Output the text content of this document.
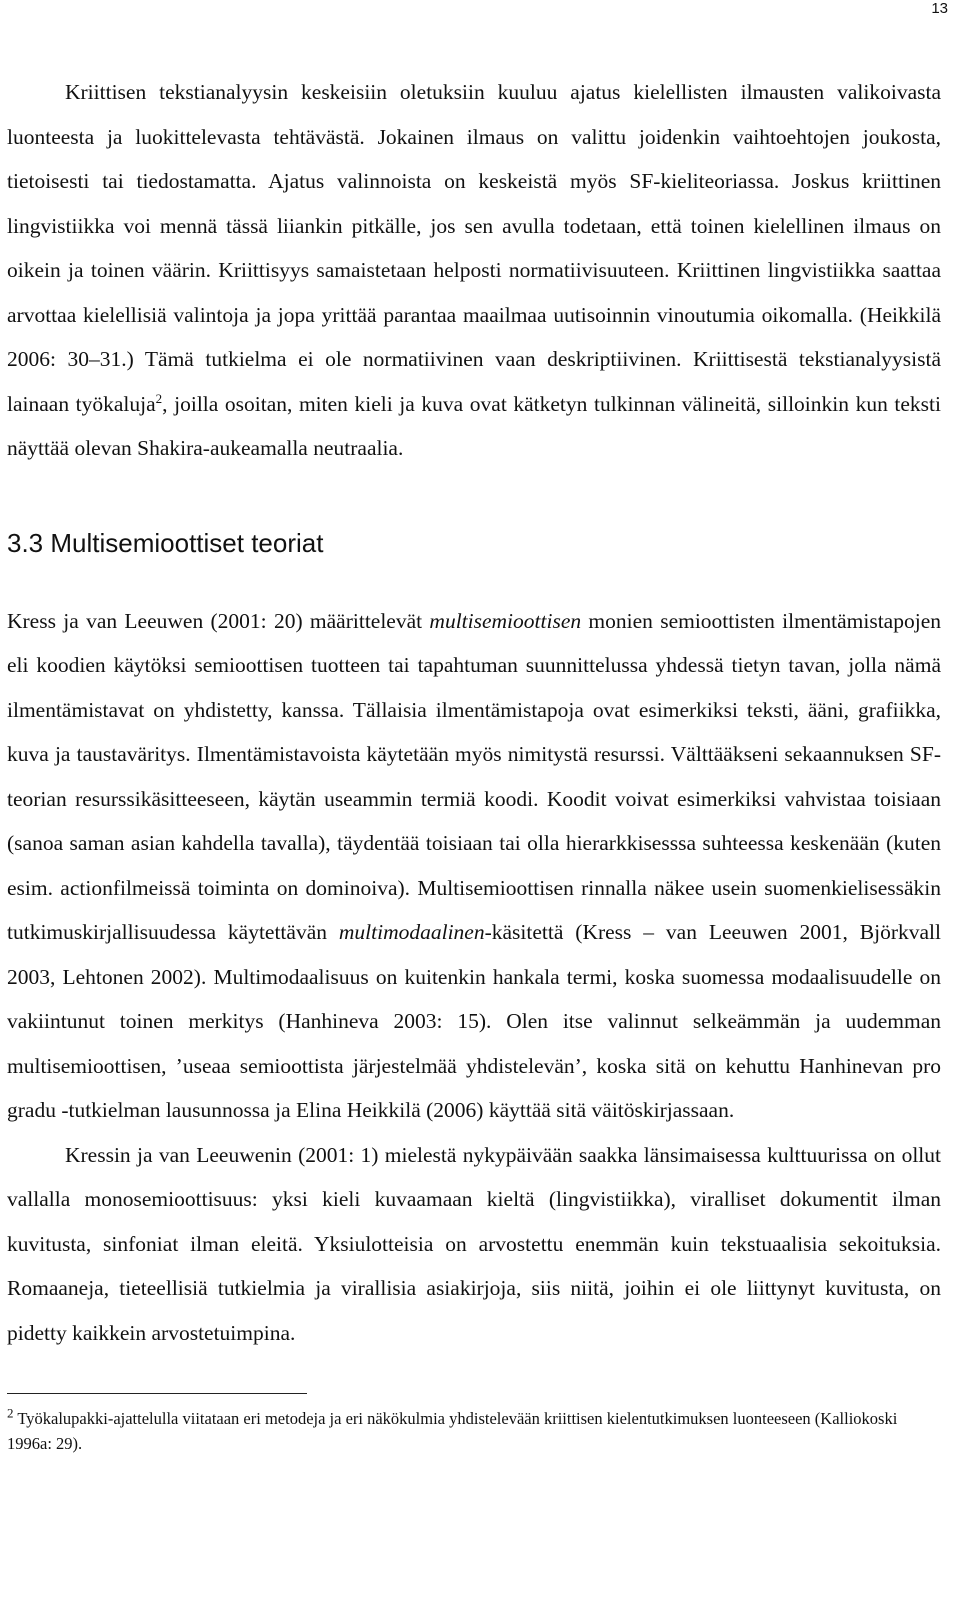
13

Kriittisen tekstianalyysin keskeisiin oletuksiin kuuluu ajatus kielellisten ilmausten valikoivasta luonteesta ja luokittelevasta tehtävästä. Jokainen ilmaus on valittu joidenkin vaihtoehtojen joukosta, tietoisesti tai tiedostamatta. Ajatus valinnoista on keskeistä myös SF-kieliteoriassa. Joskus kriittinen lingvistiikka voi mennä tässä liiankin pitkälle, jos sen avulla todetaan, että toinen kielellinen ilmaus on oikein ja toinen väärin. Kriittisyys samaistetaan helposti normatiivisuuteen. Kriittinen lingvistiikka saattaa arvottaa kielellisiä valintoja ja jopa yrittää parantaa maailmaa uutisoinnin vinoutumia oikomalla. (Heikkilä 2006: 30–31.) Tämä tutkielma ei ole normatiivinen vaan deskriptiivinen. Kriittisestä tekstianalyysistä lainaan työkaluja$^2$, joilla osoitan, miten kieli ja kuva ovat kätketyn tulkinnan välineitä, silloinkin kun teksti näyttää olevan Shakira-aukeamalla neutraalia.

3.3 Multisemioottiset teoriat

Kress ja van Leeuwen (2001: 20) määrittelevät multisemioottisen monien semioottisten ilmentämistapojen eli koodien käytöksi semioottisen tuotteen tai tapahtuman suunnittelussa yhdessä tietyn tavan, jolla nämä ilmentämistavat on yhdistetty, kanssa. Tällaisia ilmentämistapoja ovat esimerkiksi teksti, ääni, grafiikka, kuva ja taustaväritys. Ilmentämistavoista käytetään myös nimitystä resurssi. Välttääkseni sekaannuksen SF-teorian resurssikäsitteeseen, käytän useammin termiä koodi. Koodit voivat esimerkiksi vahvistaa toisiaan (sanoa saman asian kahdella tavalla), täydentää toisiaan tai olla hierarkkisesssa suhteessa keskenään (kuten esim. actionfilmeissä toiminta on dominoiva). Multisemioottisen rinnalla näkee usein suomenkielisessäkin tutkimuskirjallisuudessa käytettävän multimodaalinen-käsitettä (Kress – van Leeuwen 2001, Björkvall 2003, Lehtonen 2002). Multimodaalisuus on kuitenkin hankala termi, koska suomessa modaalisuudelle on vakiintunut toinen merkitys (Hanhineva 2003: 15). Olen itse valinnut selkeämmän ja uudemman multisemioottisen, ’useaa semioottista järjestelmää yhdistelevän’, koska sitä on kehuttu Hanhinevan pro gradu -tutkielman lausunnossa ja Elina Heikkilä (2006) käyttää sitä väitöskirjassaan.

Kressin ja van Leeuwenin (2001: 1) mielestä nykypäivään saakka länsimaisessa kulttuurissa on ollut vallalla monosemioottisuus: yksi kieli kuvaamaan kieltä (lingvistiikka), viralliset dokumentit ilman kuvitusta, sinfoniat ilman eleitä. Yksiulotteisia on arvostettu enemmän kuin tekstuaalisia sekoituksia. Romaaneja, tieteellisiä tutkielmia ja virallisia asiakirjoja, siis niitä, joihin ei ole liittynyt kuvitusta, on pidetty kaikkein arvostetuimpina.

$^2$ Työkalupakki-ajattelulla viitataan eri metodeja ja eri näkökulmia yhdistelevään kriittisen kielentutkimuksen luonteeseen (Kalliokoski 1996a: 29).
